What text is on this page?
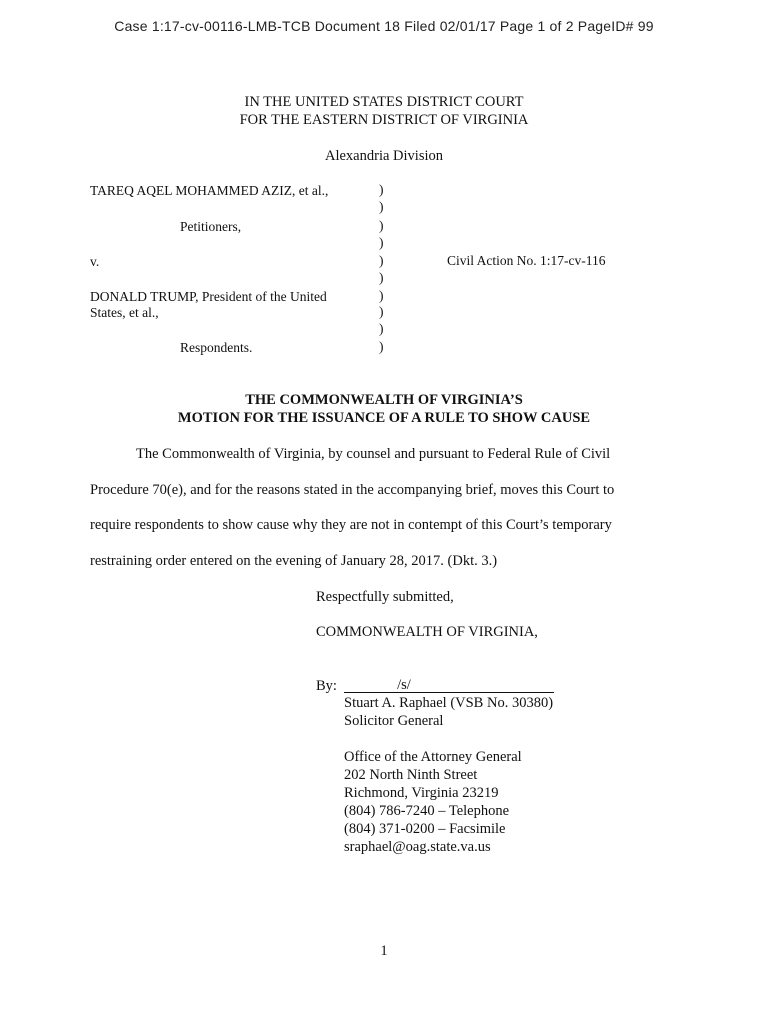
Case 1:17-cv-00116-LMB-TCB Document 18 Filed 02/01/17 Page 1 of 2 PageID# 99
IN THE UNITED STATES DISTRICT COURT
FOR THE EASTERN DISTRICT OF VIRGINIA
Alexandria Division
TAREQ AQEL MOHAMMED AZIZ, et al.,
Petitioners,
v.
DONALD TRUMP, President of the United
States, et al.,
Respondents.
)
)
)
)
)
)
)
)
)
)
Civil Action No. 1:17-cv-116
THE COMMONWEALTH OF VIRGINIA’S
MOTION FOR THE ISSUANCE OF A RULE TO SHOW CAUSE
The Commonwealth of Virginia, by counsel and pursuant to Federal Rule of Civil
Procedure 70(e), and for the reasons stated in the accompanying brief, moves this Court to
require respondents to show cause why they are not in contempt of this Court’s temporary
restraining order entered on the evening of January 28, 2017. (Dkt. 3.)
Respectfully submitted,
COMMONWEALTH OF VIRGINIA,
By:	/s/
Stuart A. Raphael (VSB No. 30380)
Solicitor General
Office of the Attorney General
202 North Ninth Street
Richmond, Virginia 23219
(804) 786-7240 – Telephone
(804) 371-0200 – Facsimile
sraphael@oag.state.va.us
1
